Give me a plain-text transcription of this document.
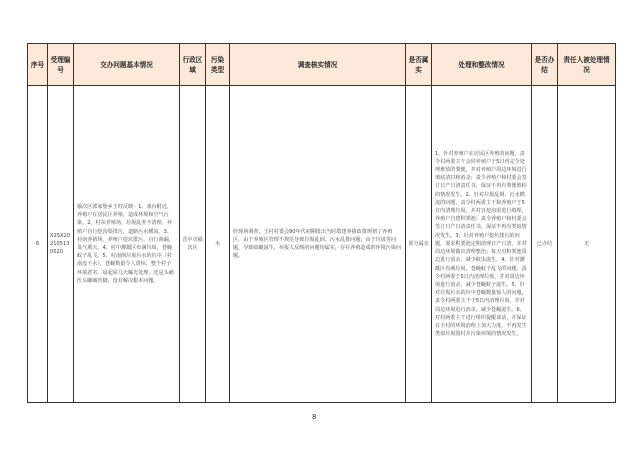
序号	受理编号	交办问题基本情况	行政区域	污染类型	调查核实情况	是否属实	处理和整改情况	是否办结	责任人被处理情况
6	X2SX202105130020	榆次区郭家堡乡王村反映：1、戏台附近，养殖户在居民区养殖，造成环境和空气污染。2、村东养殖场，垃圾乱养不清理，养殖户自行挖沟渠排污，道路污水横流。3、村南养猪场，养殖户挖坑排污，自行渗漏，臭气熏天。4、村中灌溉区布满垃圾，苍蝇蚊子乱飞。5、村南倒垃圾污水的坑中（村南没下水），苍蝇数量令人震惊，整个村子环境恶劣，晨起屋几天曝光处理，还是头痛医头脚痛医脚，没有解决根本问题。	晋中市榆次区	水	经现场调查，王村村委会90年代初期批出当时散建养猪政策规划了养殖区，由于养殖区管理不规范导致垃圾乱倒、污水乱排问题；由于垃圾等问题，导致蚊蝇滋生，举报人反映的问题均属实，存在养殖造成的环境污染问题。	部分属实	1、针对养殖户在居民区养殖的问题，责令村两委主干会同养殖户于5日内完全处理堆放的粪便，并对养殖户周边环境进行彻底清扫和消杀；责令养殖户和村委会签订日产日清责任书，保证不再有粪便堆积的情况发生。2、针对垃圾乱倒、污水横流的问题，责令村两委主干和养殖户于5日内清理垃圾，并对自挖沟渠进行填埋，养殖户自建积粪池；责令养殖户和村委会签订日产日清责任书，保证不再有类似情况发生。3、针对养殖户挖坑排污的问题，要求积粪池定期清理日产日清，并对周边环境做出清理整治；每天对积粪池周边进行消杀，减少蚊虫滋生。4、针对灌溉区布满垃圾、苍蝇蚊子乱飞的问题，责令村两委于5日内清理垃圾，并对周边环境进行消杀，减少苍蝇蚊子滋生。5、针对垃圾污水的坑中苍蝇数量惊人的问题，责令村两委主干于5日内清理垃圾，并对周边环境进行消杀，减少苍蝇滋生。6、对村两委主干进行组织提醒谈话，并保证在全村的环境治理上加大力度，不再发生类似垃圾围村并污染环境的情况发生。	已办结	无
8
